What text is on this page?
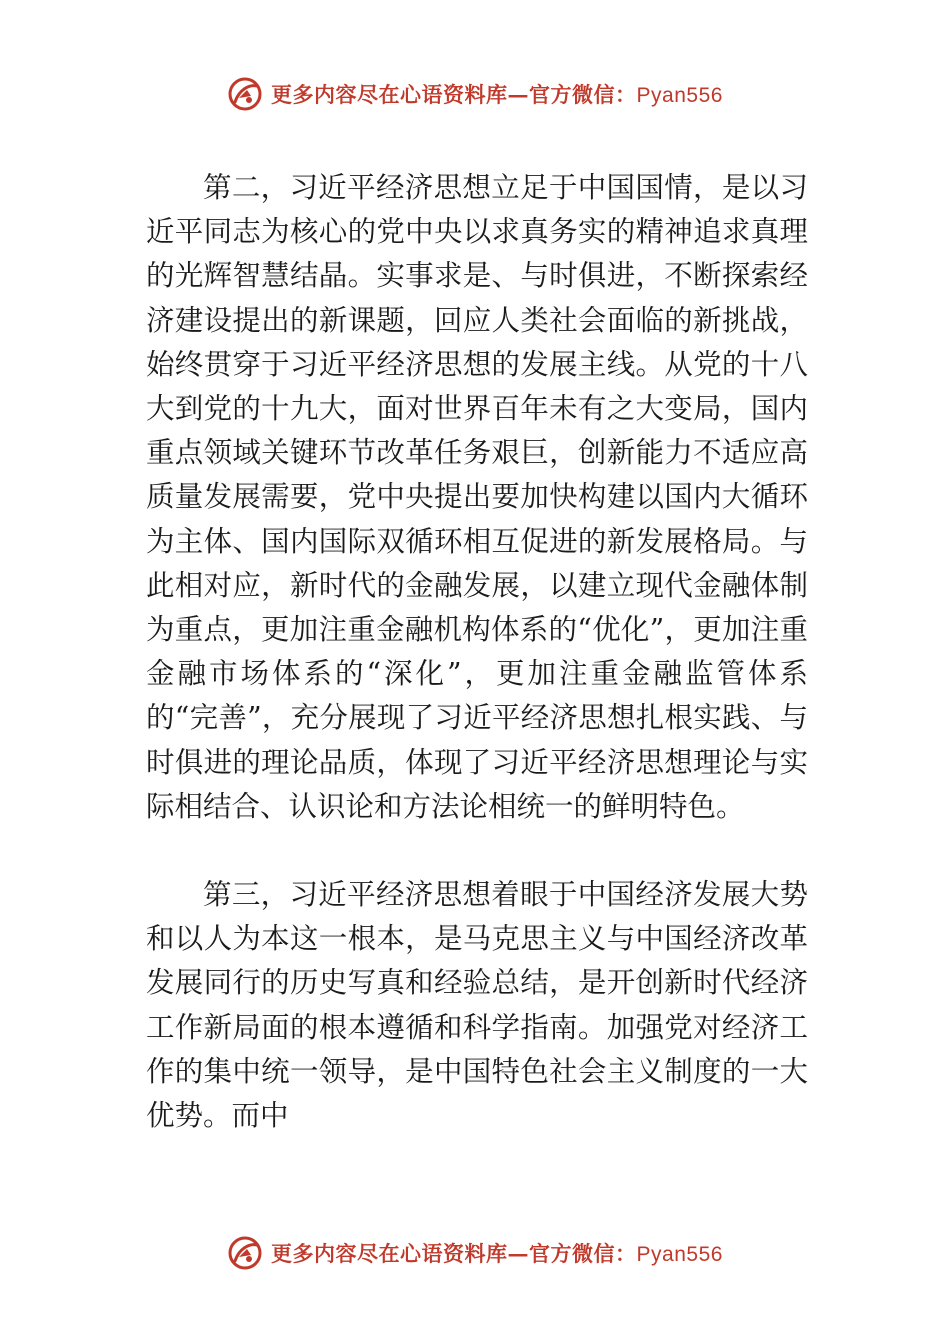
更多内容尽在心语资料库—官方微信：Pyan556

第二，习近平经济思想立足于中国国情，是以习近平同志为核心的党中央以求真务实的精神追求真理的光辉智慧结晶。实事求是、与时俱进，不断探索经济建设提出的新课题，回应人类社会面临的新挑战，始终贯穿于习近平经济思想的发展主线。从党的十八大到党的十九大，面对世界百年未有之大变局，国内重点领域关键环节改革任务艰巨，创新能力不适应高质量发展需要，党中央提出要加快构建以国内大循环为主体、国内国际双循环相互促进的新发展格局。与此相对应，新时代的金融发展，以建立现代金融体制为重点，更加注重金融机构体系的“优化”，更加注重金融市场体系的“深化”，更加注重金融监管体系的“完善”，充分展现了习近平经济思想扎根实践、与时俱进的理论品质，体现了习近平经济思想理论与实际相结合、认识论和方法论相统一的鲜明特色。

第三，习近平经济思想着眼于中国经济发展大势和以人为本这一根本，是马克思主义与中国经济改革发展同行的历史写真和经验总结，是开创新时代经济工作新局面的根本遵循和科学指南。加强党对经济工作的集中统一领导，是中国特色社会主义制度的一大优势。而中

更多内容尽在心语资料库—官方微信：Pyan556
